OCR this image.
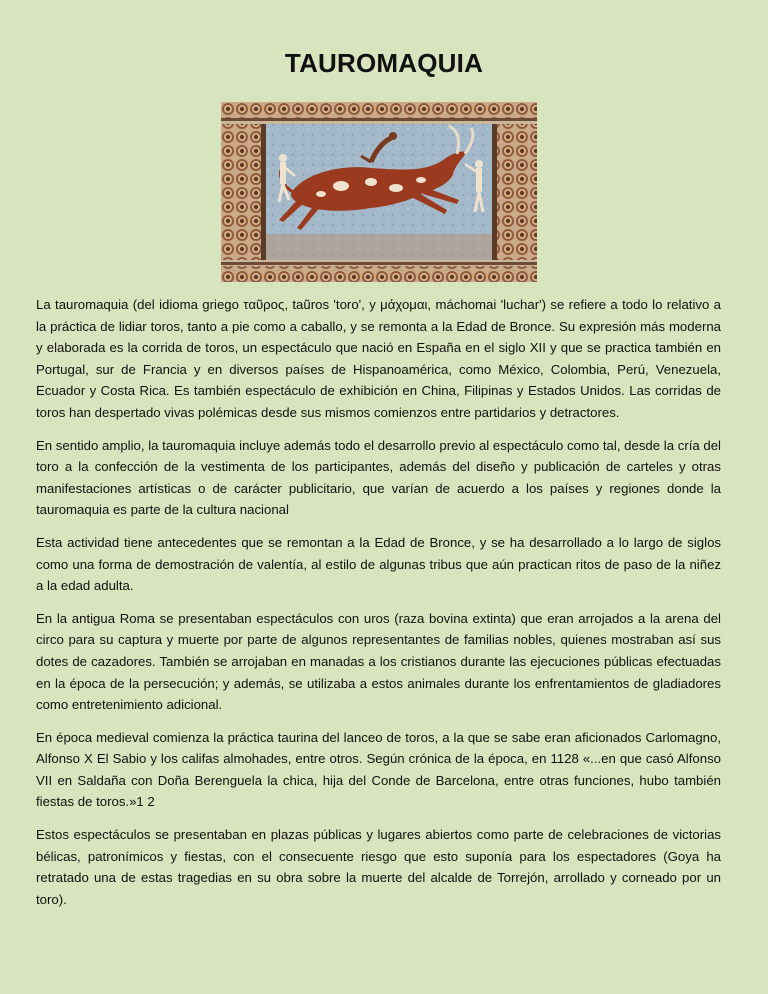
TAUROMAQUIA

La tauromaquia (del idioma griego ταῦρος, taũros 'toro', y μάχομαι, máchomai 'luchar') se refiere a todo lo relativo a la práctica de lidiar toros, tanto a pie como a caballo, y se remonta a la Edad de Bronce. Su expresión más moderna y elaborada es la corrida de toros, un espectáculo que nació en España en el siglo XII y que se practica también en Portugal, sur de Francia y en diversos países de Hispanoamérica, como México, Colombia, Perú, Venezuela, Ecuador y Costa Rica. Es también espectáculo de exhibición en China, Filipinas y Estados Unidos. Las corridas de toros han despertado vivas polémicas desde sus mismos comienzos entre partidarios y detractores.

En sentido amplio, la tauromaquia incluye además todo el desarrollo previo al espectáculo como tal, desde la cría del toro a la confección de la vestimenta de los participantes, además del diseño y publicación de carteles y otras manifestaciones artísticas o de carácter publicitario, que varían de acuerdo a los países y regiones donde la tauromaquia es parte de la cultura nacional

Esta actividad tiene antecedentes que se remontan a la Edad de Bronce, y se ha desarrollado a lo largo de siglos como una forma de demostración de valentía, al estilo de algunas tribus que aún practican ritos de paso de la niñez a la edad adulta.

En la antigua Roma se presentaban espectáculos con uros (raza bovina extinta) que eran arrojados a la arena del circo para su captura y muerte por parte de algunos representantes de familias nobles, quienes mostraban así sus dotes de cazadores. También se arrojaban en manadas a los cristianos durante las ejecuciones públicas efectuadas en la época de la persecución; y además, se utilizaba a estos animales durante los enfrentamientos de gladiadores como entretenimiento adicional.

En época medieval comienza la práctica taurina del lanceo de toros, a la que se sabe eran aficionados Carlomagno, Alfonso X El Sabio y los califas almohades, entre otros. Según crónica de la época, en 1128 «...en que casó Alfonso VII en Saldaña con Doña Berenguela la chica, hija del Conde de Barcelona, entre otras funciones, hubo también fiestas de toros.»1 2

Estos espectáculos se presentaban en plazas públicas y lugares abiertos como parte de celebraciones de victorias bélicas, patronímicos y fiestas, con el consecuente riesgo que esto suponía para los espectadores (Goya ha retratado una de estas tragedias en su obra sobre la muerte del alcalde de Torrejón, arrollado y corneado por un toro).
